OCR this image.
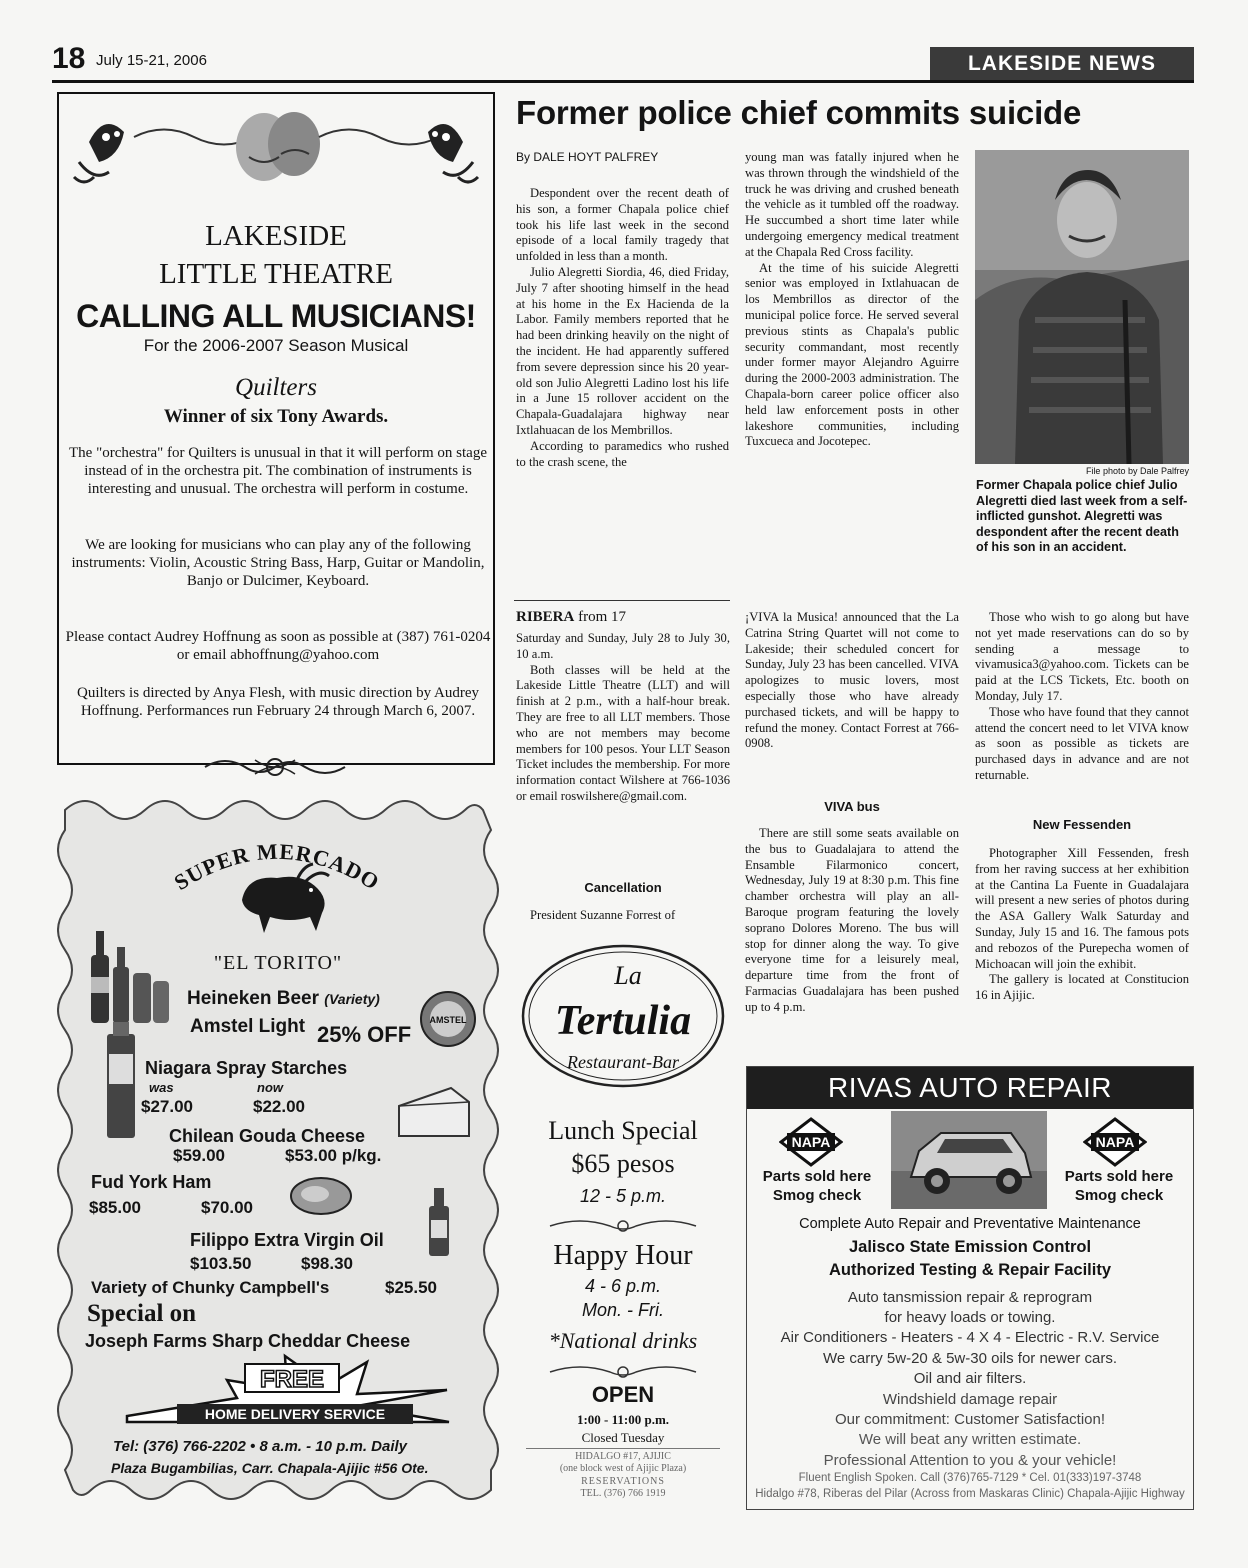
18 July 15-21, 2006	LAKESIDE NEWS
LAKESIDE
LITTLE THEATRE
CALLING ALL MUSICIANS!
For the 2006-2007 Season Musical
Quilters
Winner of six Tony Awards.
The "orchestra" for Quilters is unusual in that it will perform on stage instead of in the orchestra pit. The combination of instruments is interesting and unusual. The orchestra will perform in costume.
We are looking for musicians who can play any of the following instruments: Violin, Acoustic String Bass, Harp, Guitar or Mandolin, Banjo or Dulcimer, Keyboard.
Please contact Audrey Hoffnung as soon as possible at (387) 761-0204 or email abhoffnung@yahoo.com
Quilters is directed by Anya Flesh, with music direction by Audrey Hoffnung. Performances run February 24 through March 6, 2007.
SUPER MERCADO
"EL TORITO"
Heineken Beer (Variety)
Amstel Light 25% OFF
AMSTEL
Niagara Spray Starches
was	now
$27.00	$22.00
Chilean Gouda Cheese
$59.00	$53.00 p/kg.
Fud York Ham
$85.00	$70.00
Filippo Extra Virgin Oil
$103.50	$98.30
Variety of Chunky Campbell's	$25.50
Special on
Joseph Farms Sharp Cheddar Cheese
FREE
HOME DELIVERY SERVICE
Tel: (376) 766-2202 • 8 a.m. - 10 p.m. Daily
Plaza Bugambilias, Carr. Chapala-Ajijic #56 Ote.
Former police chief commits suicide
By DALE HOYT PALFREY

Despondent over the recent death of his son, a former Chapala police chief took his life last week in the second episode of a local family tragedy that unfolded in less than a month.

Julio Alegretti Siordia, 46, died Friday, July 7 after shooting himself in the head at his home in the Ex Hacienda de la Labor. Family members reported that he had been drinking heavily on the night of the incident. He had apparently suffered from severe depression since his 20 year-old son Julio Alegretti Ladino lost his life in a June 15 rollover accident on the Chapala-Guadalajara highway near Ixtlahuacan de los Membrillos.

According to paramedics who rushed to the crash scene, the

young man was fatally injured when he was thrown through the windshield of the truck he was driving and crushed beneath the vehicle as it tumbled off the roadway. He succumbed a short time later while undergoing emergency medical treatment at the Chapala Red Cross facility.

At the time of his suicide Alegretti senior was employed in Ixtlahuacan de los Membrillos as director of the municipal police force. He served several previous stints as Chapala's public security commandant, most recently under former mayor Alejandro Aguirre during the 2000-2003 administration. The Chapala-born career police officer also held law enforcement posts in other lakeshore communities, including Tuxcueca and Jocotepec.

File photo by Dale Palfrey
Former Chapala police chief Julio Alegretti died last week from a self-inflicted gunshot. Alegretti was despondent after the recent death of his son in an accident.
RIBERA from 17

Saturday and Sunday, July 28 to July 30, 10 a.m.

Both classes will be held at the Lakeside Little Theatre (LLT) and will finish at 2 p.m., with a half-hour break. They are free to all LLT members. Those who are not members may become members for 100 pesos. Your LLT Season Ticket includes the membership. For more information contact Wilshere at 766-1036 or email roswilshere@gmail.com.

Cancellation

President Suzanne Forrest of

¡VIVA la Musica! announced that the La Catrina String Quartet will not come to Lakeside; their scheduled concert for Sunday, July 23 has been cancelled. VIVA apologizes to music lovers, most especially those who have already purchased tickets, and will be happy to refund the money. Contact Forrest at 766-0908.

VIVA bus

There are still some seats available on the bus to Guadalajara to attend the Ensamble Filarmonico concert, Wednesday, July 19 at 8:30 p.m. This fine chamber orchestra will play an all-Baroque program featuring the lovely soprano Dolores Moreno. The bus will stop for dinner along the way. To give everyone time for a leisurely meal, departure time from the front of Farmacias Guadalajara has been pushed up to 4 p.m.

Those who wish to go along but have not yet made reservations can do so by sending a message to vivamusica3@yahoo.com. Tickets can be paid at the LCS Tickets, Etc. booth on Monday, July 17.

Those who have found that they cannot attend the concert need to let VIVA know as soon as possible as tickets are purchased days in advance and are not returnable.

New Fessenden

Photographer Xill Fessenden, fresh from her raving success at her exhibition at the Cantina La Fuente in Guadalajara will present a new series of photos during the ASA Gallery Walk Saturday and Sunday, July 15 and 16. The famous pots and rebozos of the Purepecha women of Michoacan will join the exhibit.

The gallery is located at Constitucion 16 in Ajijic.

La
Tertulia
Restaurant-Bar
Lunch Special
$65 pesos
12 - 5 p.m.
Happy Hour
4 - 6 p.m.
Mon. - Fri.
*National drinks
OPEN
1:00 - 11:00 p.m.
Closed Tuesday
HIDALGO #17, AJIJIC
(one block west of Ajijic Plaza)
RESERVATIONS
TEL. (376) 766 1919
RIVAS AUTO REPAIR
NAPA	NAPA
Parts sold here
Smog check
Parts sold here
Smog check
Complete Auto Repair and Preventative Maintenance
Jalisco State Emission Control
Authorized Testing & Repair Facility
Auto tansmission repair & reprogram
for heavy loads or towing.
Air Conditioners - Heaters - 4 X 4 - Electric - R.V. Service
We carry 5w-20 & 5w-30 oils for newer cars.
Oil and air filters.
Windshield damage repair
Our commitment: Customer Satisfaction!
We will beat any written estimate.
Professional Attention to you & your vehicle!
Fluent English Spoken. Call (376)765-7129 * Cel. 01(333)197-3748
Hidalgo #78, Riberas del Pilar (Across from Maskaras Clinic) Chapala-Ajijic Highway
